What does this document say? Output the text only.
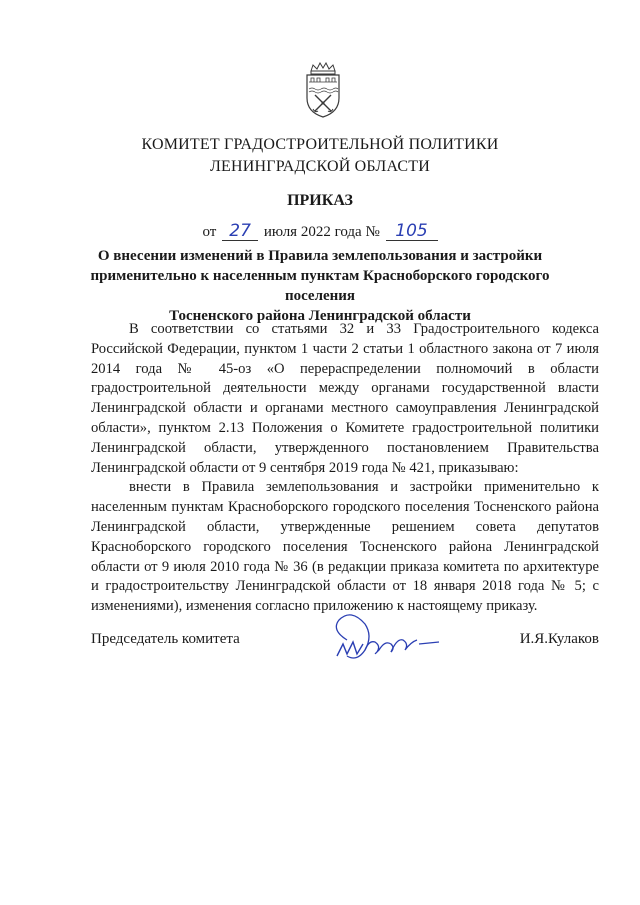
КОМИТЕТ ГРАДОСТРОИТЕЛЬНОЙ ПОЛИТИКИ
ЛЕНИНГРАДСКОЙ ОБЛАСТИ
ПРИКАЗ
от 27 июля 2022 года № 105
О внесении изменений в Правила землепользования и застройки
применительно к населенным пунктам Красноборского городского поселения
Тосненского района Ленинградской области

В соответствии со статьями 32 и 33 Градостроительного кодекса Российской Федерации, пунктом 1 части 2 статьи 1 областного закона от 7 июля 2014 года № 45-оз «О перераспределении полномочий в области градостроительной деятельности между органами государственной власти Ленинградской области и органами местного самоуправления Ленинградской области», пунктом 2.13 Положения о Комитете градостроительной политики Ленинградской области, утвержденного постановлением Правительства Ленинградской области от 9 сентября 2019 года № 421, приказываю:

внести в Правила землепользования и застройки применительно к населенным пунктам Красноборского городского поселения Тосненского района Ленинградской области, утвержденные решением совета депутатов Красноборского городского поселения Тосненского района Ленинградской области от 9 июля 2010 года № 36 (в редакции приказа комитета по архитектуре и градостроительству Ленинградской области от 18 января 2018 года № 5; с изменениями), изменения согласно приложению к настоящему приказу.

Председатель комитета	И.Я.Кулаков
